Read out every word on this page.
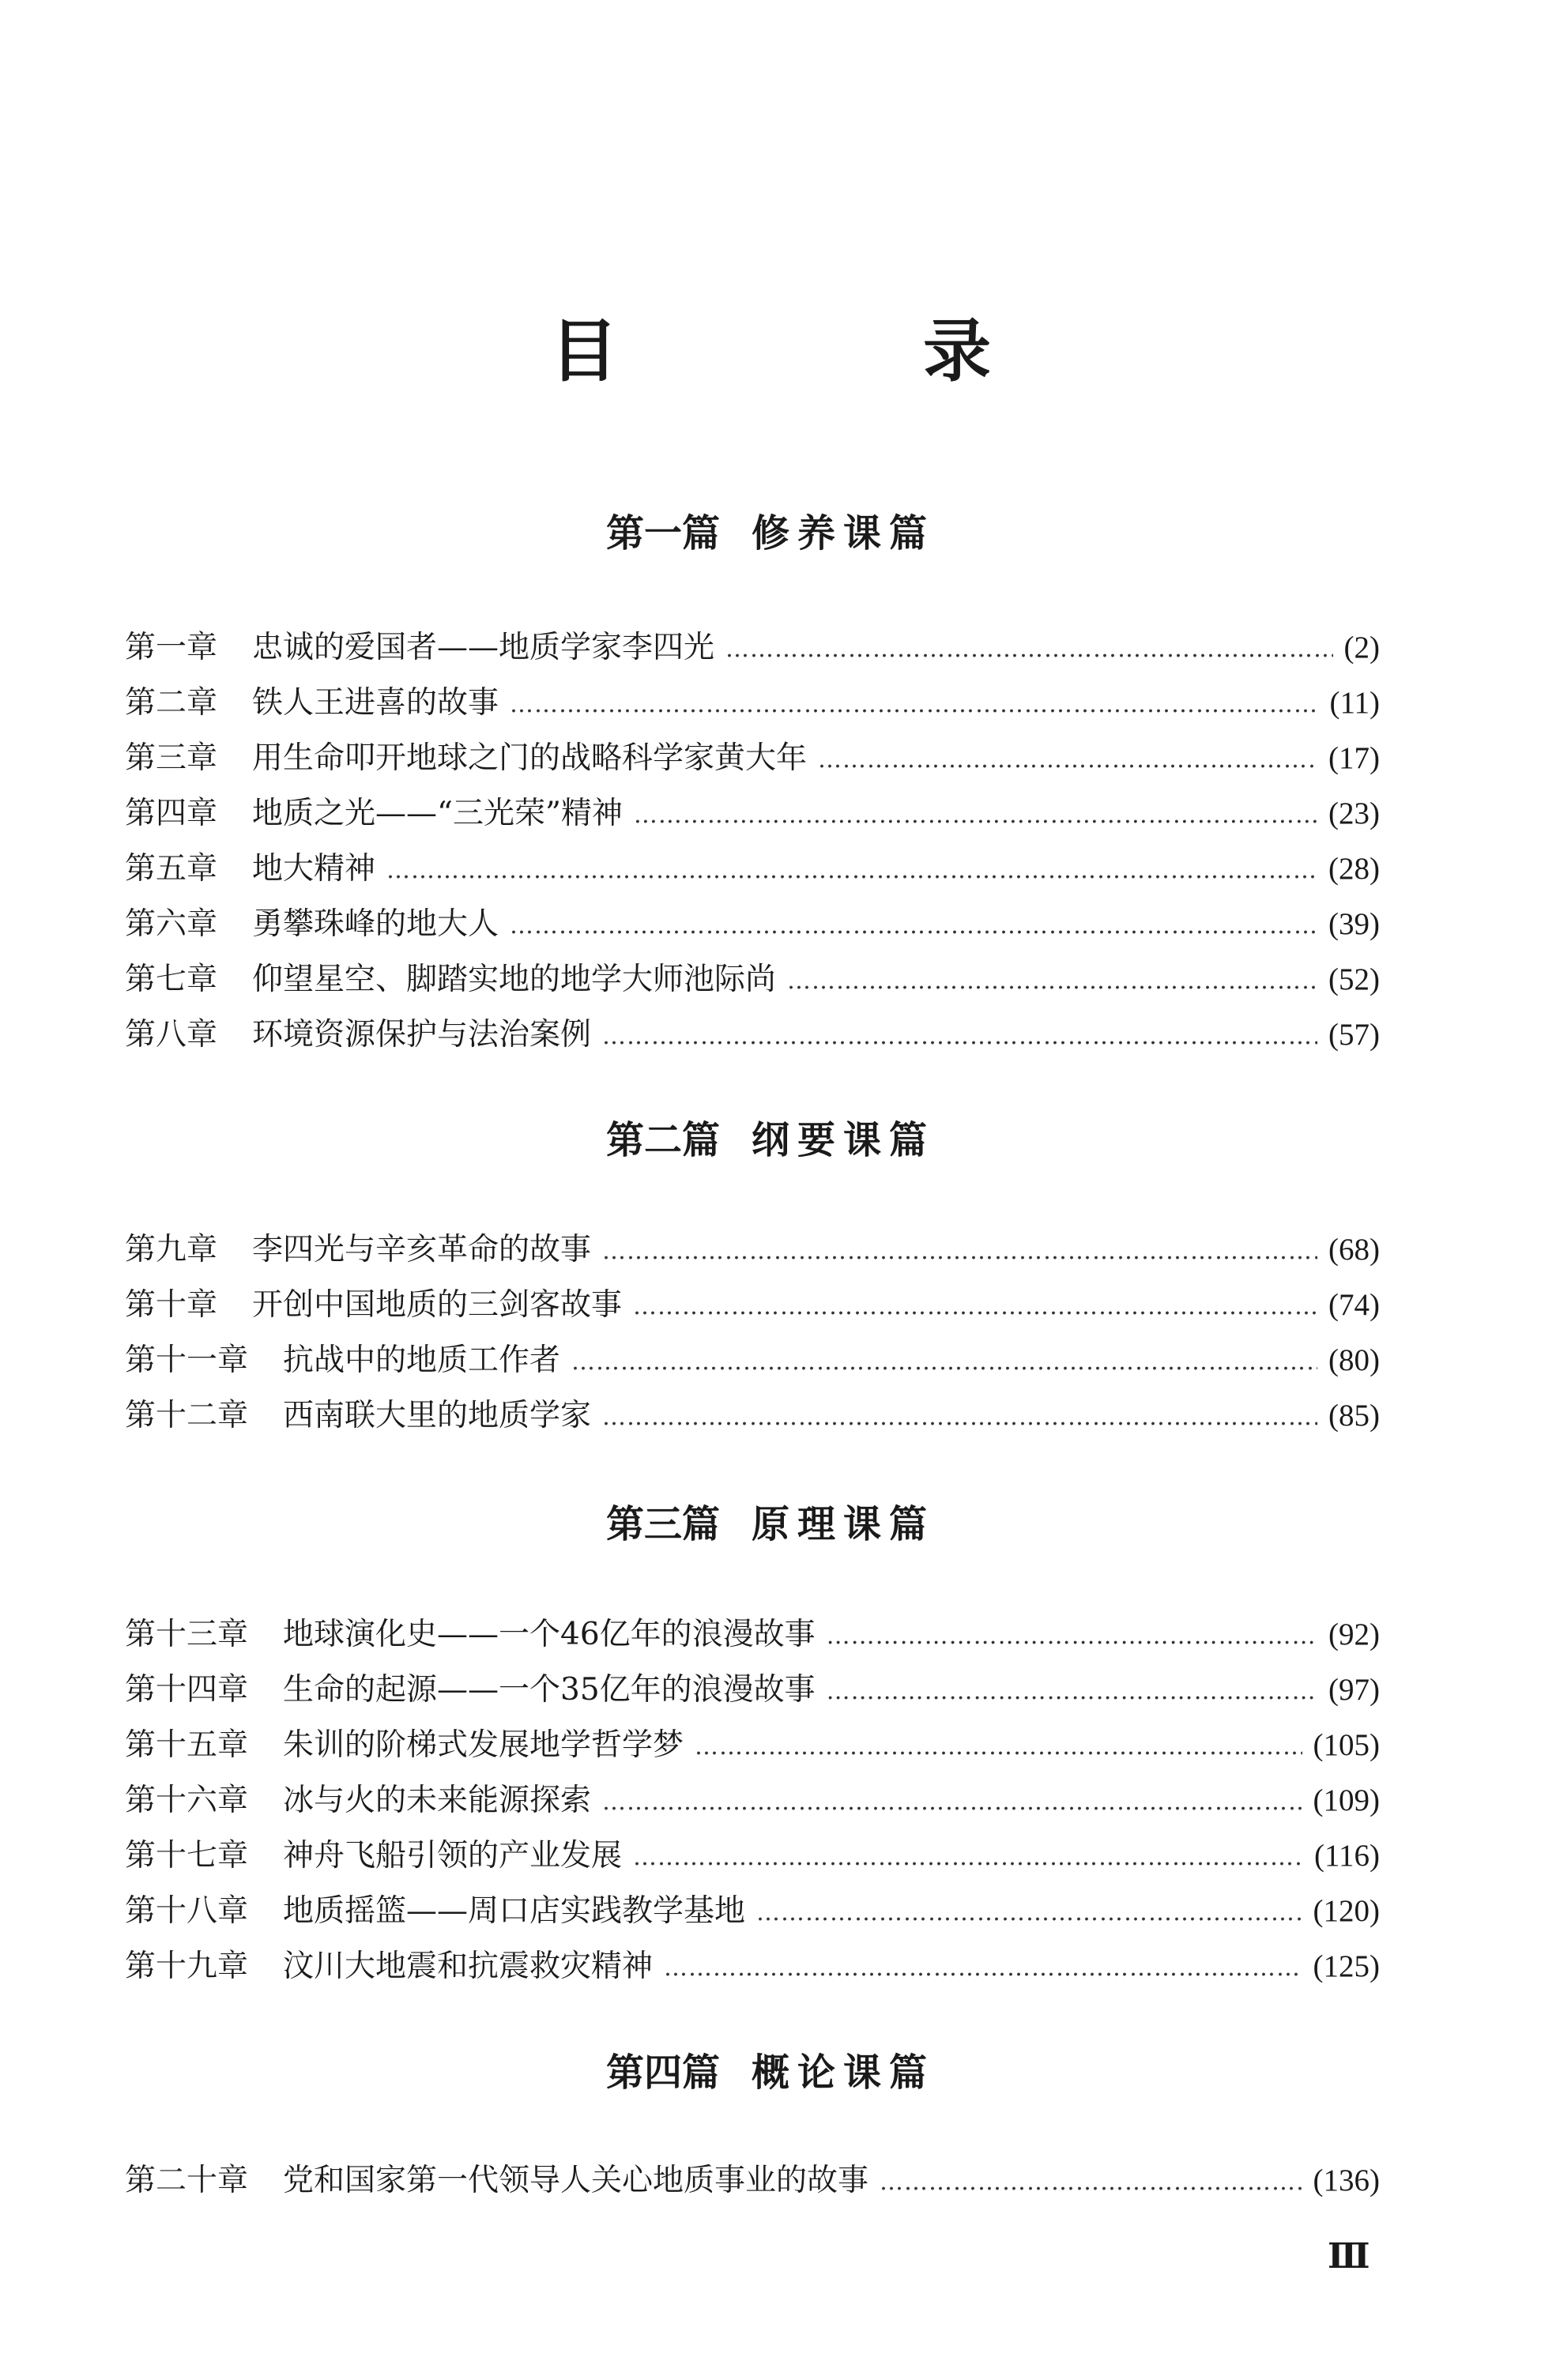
目　录
第一篇 修养课篇
第一章 忠诚的爱国者——地质学家李四光 ……………………………………………………………………………………………………………………………………………………………………	(2)
第二章 铁人王进喜的故事 ……………………………………………………………………………………………………………………………………………………………………	(11)
第三章 用生命叩开地球之门的战略科学家黄大年 ……………………………………………………………………………………………………………………………………………………………………	(17)
第四章 地质之光——“三光荣”精神 ……………………………………………………………………………………………………………………………………………………………………	(23)
第五章 地大精神 ……………………………………………………………………………………………………………………………………………………………………	(28)
第六章 勇攀珠峰的地大人 ……………………………………………………………………………………………………………………………………………………………………	(39)
第七章 仰望星空、脚踏实地的地学大师池际尚 ……………………………………………………………………………………………………………………………………………………………………	(52)
第八章 环境资源保护与法治案例 ……………………………………………………………………………………………………………………………………………………………………	(57)
第二篇 纲要课篇
第九章 李四光与辛亥革命的故事 ……………………………………………………………………………………………………………………………………………………………………	(68)
第十章 开创中国地质的三剑客故事 ……………………………………………………………………………………………………………………………………………………………………	(74)
第十一章 抗战中的地质工作者 ……………………………………………………………………………………………………………………………………………………………………	(80)
第十二章 西南联大里的地质学家 ……………………………………………………………………………………………………………………………………………………………………	(85)
第三篇 原理课篇
第十三章 地球演化史——一个46亿年的浪漫故事 ……………………………………………………………………………………………………………………………………………………………………	(92)
第十四章 生命的起源——一个35亿年的浪漫故事 ……………………………………………………………………………………………………………………………………………………………………	(97)
第十五章 朱训的阶梯式发展地学哲学梦 ……………………………………………………………………………………………………………………………………………………………………	(105)
第十六章 冰与火的未来能源探索 ……………………………………………………………………………………………………………………………………………………………………	(109)
第十七章 神舟飞船引领的产业发展 ……………………………………………………………………………………………………………………………………………………………………	(116)
第十八章 地质摇篮——周口店实践教学基地 ……………………………………………………………………………………………………………………………………………………………………	(120)
第十九章 汶川大地震和抗震救灾精神 ……………………………………………………………………………………………………………………………………………………………………	(125)
第四篇 概论课篇
第二十章 党和国家第一代领导人关心地质事业的故事 ……………………………………………………………………………………………………………………………………………………………………	(136)
Ⅲ
